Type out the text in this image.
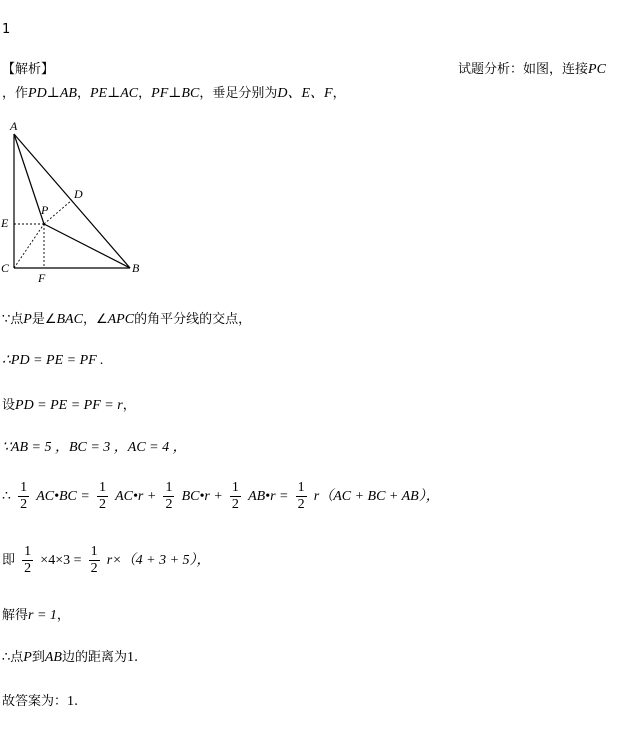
1
【解析】	试题分析：如图，连接PC
，作PD⊥AB，PE⊥AC，PF⊥BC，垂足分别为D、E、F，
A
D
P
E
C	B
F
∵点P是∠BAC，∠APC的角平分线的交点，
∴PD = PE = PF .
设PD = PE = PF = r，
∵AB = 5 ，BC = 3 ，AC = 4 ，
∴ $\frac{1}{2}$ AC•BC = $\frac{1}{2}$ AC•r + $\frac{1}{2}$ BC•r + $\frac{1}{2}$ AB•r = $\frac{1}{2} r(AC$ + BC + AB），
即 $\frac{1}{2} \times 4\times 3 = \frac{1}{2} r\times(4 + 3 + 5)$，
解得r = 1，
∴点P到AB边的距离为1.
故答案为：1.
